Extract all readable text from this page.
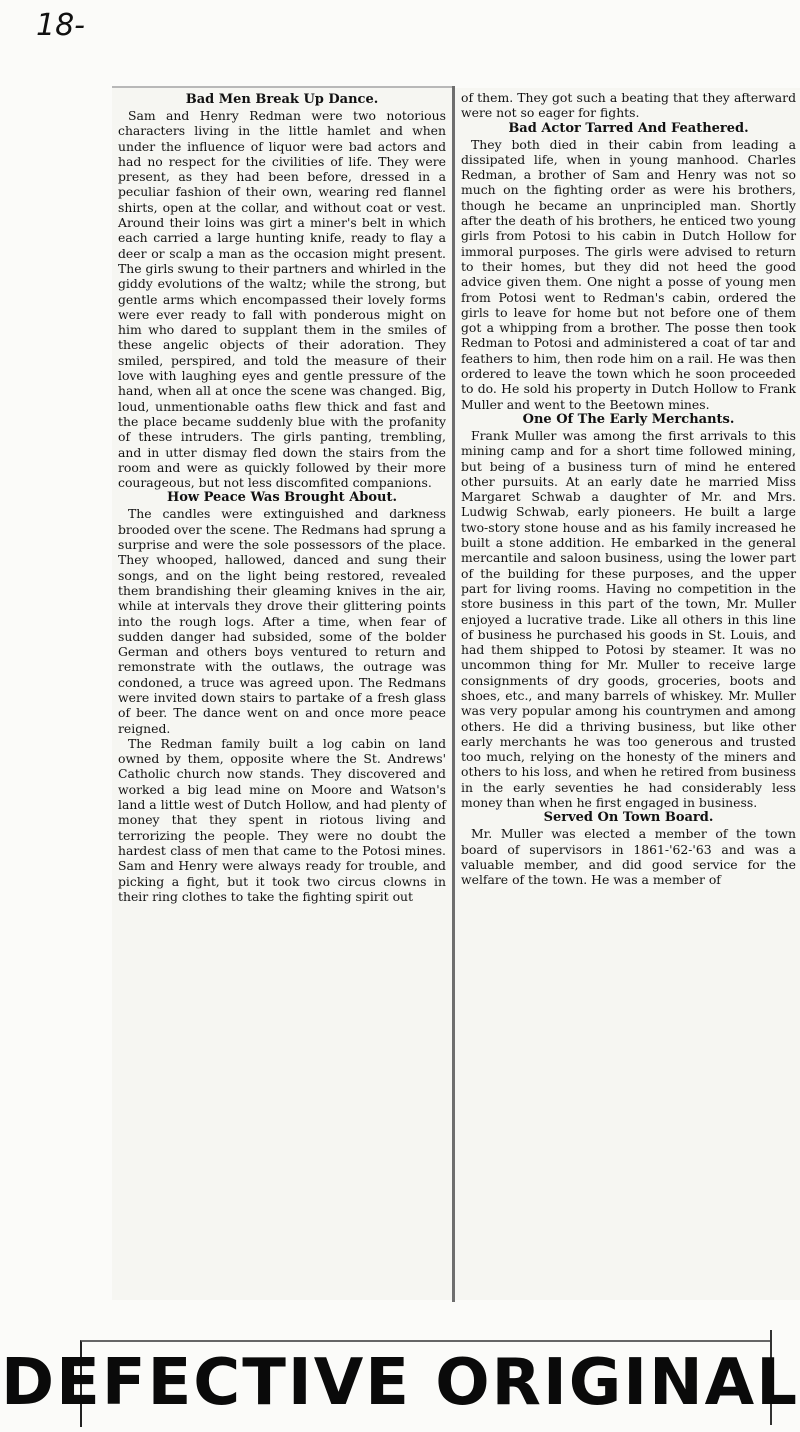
18-
Bad Men Break Up Dance.

Sam and Henry Redman were two notorious characters living in the little hamlet and when under the influence of liquor were bad actors and had no respect for the civilities of life. They were present, as they had been before, dressed in a peculiar fashion of their own, wearing red flannel shirts, open at the collar, and without coat or vest. Around their loins was girt a miner's belt in which each carried a large hunting knife, ready to flay a deer or scalp a man as the occasion might present. The girls swung to their partners and whirled in the giddy evolutions of the waltz; while the strong, but gentle arms which encompassed their lovely forms were ever ready to fall with ponderous might on him who dared to supplant them in the smiles of these angelic objects of their adoration. They smiled, perspired, and told the measure of their love with laughing eyes and gentle pressure of the hand, when all at once the scene was changed. Big, loud, unmentionable oaths flew thick and fast and the place became suddenly blue with the profanity of these intruders. The girls panting, trembling, and in utter dismay fled down the stairs from the room and were as quickly followed by their more courageous, but not less discomfited companions.

How Peace Was Brought About.

The candles were extinguished and darkness brooded over the scene. The Redmans had sprung a surprise and were the sole possessors of the place. They whooped, hallowed, danced and sung their songs, and on the light being restored, revealed them brandishing their gleaming knives in the air, while at intervals they drove their glittering points into the rough logs. After a time, when fear of sudden danger had subsided, some of the bolder German and others boys ventured to return and remonstrate with the outlaws, the outrage was condoned, a truce was agreed upon. The Redmans were invited down stairs to partake of a fresh glass of beer. The dance went on and once more peace reigned.

The Redman family built a log cabin on land owned by them, opposite where the St. Andrews' Catholic church now stands. They discovered and worked a big lead mine on Moore and Watson's land a little west of Dutch Hollow, and had plenty of money that they spent in riotous living and terrorizing the people. They were no doubt the hardest class of men that came to the Potosi mines. Sam and Henry were always ready for trouble, and picking a fight, but it took two circus clowns in their ring clothes to take the fighting spirit out

of them. They got such a beating that they afterward were not so eager for fights.

Bad Actor Tarred And Feathered.

They both died in their cabin from leading a dissipated life, when in young manhood. Charles Redman, a brother of Sam and Henry was not so much on the fighting order as were his brothers, though he became an unprincipled man. Shortly after the death of his brothers, he enticed two young girls from Potosi to his cabin in Dutch Hollow for immoral purposes. The girls were advised to return to their homes, but they did not heed the good advice given them. One night a posse of young men from Potosi went to Redman's cabin, ordered the girls to leave for home but not before one of them got a whipping from a brother. The posse then took Redman to Potosi and administered a coat of tar and feathers to him, then rode him on a rail. He was then ordered to leave the town which he soon proceeded to do. He sold his property in Dutch Hollow to Frank Muller and went to the Beetown mines.

One Of The Early Merchants.

Frank Muller was among the first arrivals to this mining camp and for a short time followed mining, but being of a business turn of mind he entered other pursuits. At an early date he married Miss Margaret Schwab a daughter of Mr. and Mrs. Ludwig Schwab, early pioneers. He built a large two-story stone house and as his family increased he built a stone addition. He embarked in the general mercantile and saloon business, using the lower part of the building for these purposes, and the upper part for living rooms. Having no competition in the store business in this part of the town, Mr. Muller enjoyed a lucrative trade. Like all others in this line of business he purchased his goods in St. Louis, and had them shipped to Potosi by steamer. It was no uncommon thing for Mr. Muller to receive large consignments of dry goods, groceries, boots and shoes, etc., and many barrels of whiskey. Mr. Muller was very popular among his countrymen and among others. He did a thriving business, but like other early merchants he was too generous and trusted too much, relying on the honesty of the miners and others to his loss, and when he retired from business in the early seventies he had considerably less money than when he first engaged in business.

Served On Town Board.

Mr. Muller was elected a member of the town board of supervisors in 1861-'62-'63 and was a valuable member, and did good service for the welfare of the town. He was a member of

DEFECTIVE ORIGINAL
